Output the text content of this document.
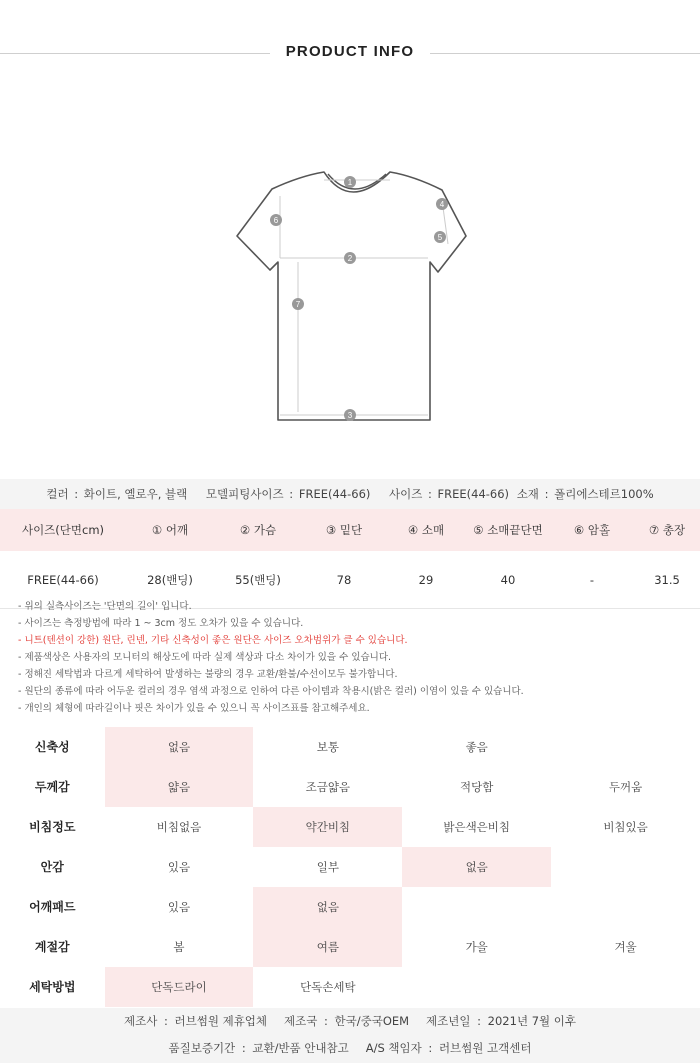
PRODUCT INFO
1
2
3
4
5
6
7
컬러 : 화이트, 옐로우, 블랙 모델피팅사이즈 : FREE(44-66) 사이즈 : FREE(44-66) 소재 : 폴리에스테르100%
사이즈(단면cm)	① 어깨	② 가슴	③ 밑단	④ 소매	⑤ 소매끝단면	⑥ 암홀	⑦ 총장
FREE(44-66)	28(밴딩)	55(밴딩)	78	29	40	-	31.5

- 위의 실측사이즈는 '단면의 길이' 입니다.

- 사이즈는 측정방법에 따라 1 ~ 3cm 정도 오차가 있을 수 있습니다.

- 니트(텐션이 강한) 원단, 린넨, 기타 신축성이 좋은 원단은 사이즈 오차범위가 클 수 있습니다.

- 제품색상은 사용자의 모니터의 해상도에 따라 실제 색상과 다소 차이가 있을 수 있습니다.

- 정해진 세탁법과 다르게 세탁하여 발생하는 불량의 경우 교환/환불/수선이모두 불가합니다.

- 원단의 종류에 따라 어두운 컬러의 경우 염색 과정으로 인하여 다른 아이템과 착용시(밝은 컬러) 이염이 있을 수 있습니다.

- 개인의 체형에 따라길이나 핏은 차이가 있을 수 있으니 꼭 사이즈표를 참고해주세요.

신축성	없음	보통	좋음
두께감	얇음	조금얇음	적당함	두꺼움
비침정도	비침없음	약간비침	밝은색은비침	비침있음
안감	있음	일부	없음
어깨패드	있음	없음
계절감	봄	여름	가을	겨울
세탁방법	단독드라이	단독손세탁
제조사 : 러브썸원 제휴업체 제조국 : 한국/중국OEM 제조년일 : 2021년 7월 이후
품질보증기간 : 교환/반품 안내참고 A/S 책임자 : 러브썸원 고객센터
